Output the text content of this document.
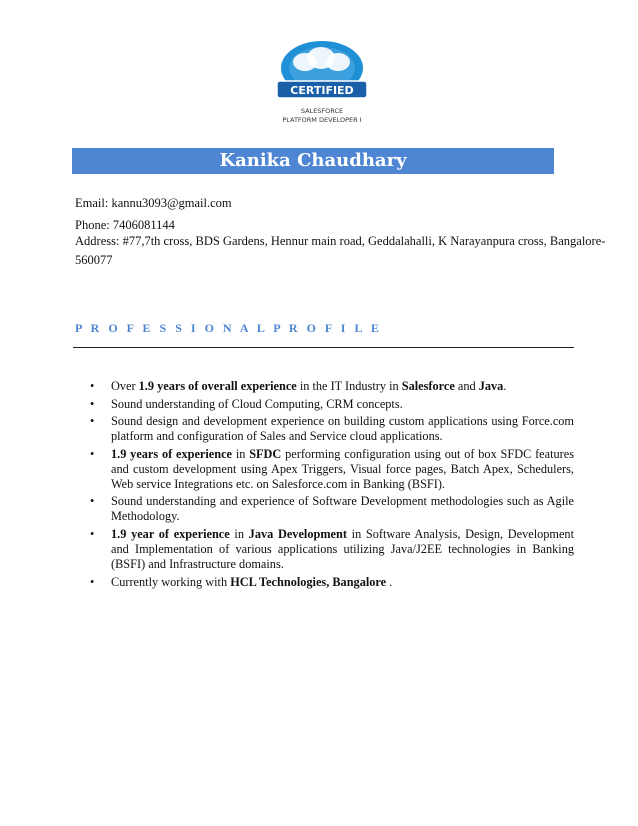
CERTIFIED
SALESFORCE
PLATFORM DEVELOPER I
Kanika Chaudhary
Email: kannu3093@gmail.com
Phone: 7406081144
Address: #77,7th cross, BDS Gardens, Hennur main road, Geddalahalli, K Narayanpura cross, Bangalore-
560077
P R O F E S S I O N A L P R O F I L E
• Over 1.9 years of overall experience in the IT Industry in Salesforce and Java.
• Sound understanding of Cloud Computing, CRM concepts.
• Sound design and development experience on building custom applications using Force.com platform and configuration of Sales and Service cloud applications.
• 1.9 years of experience in SFDC performing configuration using out of box SFDC features and custom development using Apex Triggers, Visual force pages, Batch Apex, Schedulers, Web service Integrations etc. on Salesforce.com in Banking (BSFI).
• Sound understanding and experience of Software Development methodologies such as Agile Methodology.
• 1.9 year of experience in Java Development in Software Analysis, Design, Development and Implementation of various applications utilizing Java/J2EE technologies in Banking (BSFI) and Infrastructure domains.
• Currently working with HCL Technologies, Bangalore .
